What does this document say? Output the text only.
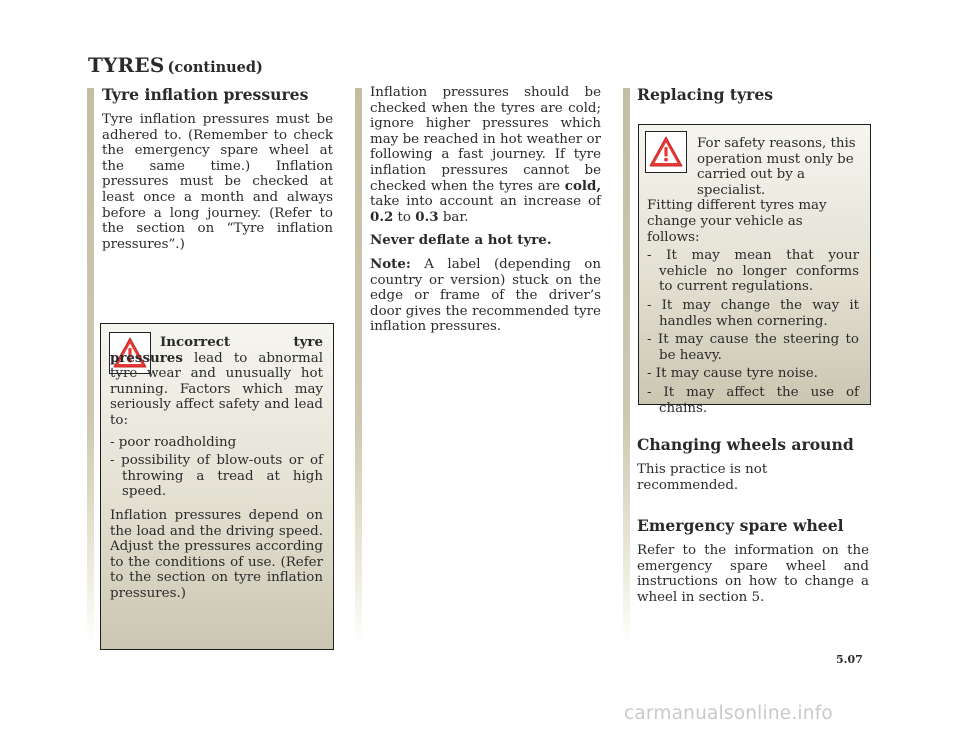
TYRES (continued)
Tyre inflation pressures

Tyre inflation pressures must be adhered to. (Remember to check the emergency spare wheel at the same time.) Inflation pressures must be checked at least once a month and always before a long journey. (Refer to the section on “Tyre inflation pressures”.)

Incorrect tyre pressures lead to abnormal tyre wear and unusually hot running. Factors which may seriously affect safety and lead to:

- poor roadholding
- possibility of blow-outs or of throwing a tread at high speed.

Inflation pressures depend on the load and the driving speed. Adjust the pressures according to the conditions of use. (Refer to the section on tyre inflation pressures.)

Inflation pressures should be checked when the tyres are cold; ignore higher pressures which may be reached in hot weather or following a fast journey. If tyre inflation pressures cannot be checked when the tyres are cold, take into account an increase of 0.2 to 0.3 bar.

Never deflate a hot tyre.

Note: A label (depending on country or version) stuck on the edge or frame of the driver’s door gives the recommended tyre inflation pressures.

Replacing tyres

For safety reasons, this operation must only be carried out by a specialist.

Fitting different tyres may change your vehicle as follows:

- It may mean that your vehicle no longer conforms to current regulations.
- It may change the way it handles when cornering.
- It may cause the steering to be heavy.
- It may cause tyre noise.
- It may affect the use of chains.
Changing wheels around

This practice is not recommended.

Emergency spare wheel

Refer to the information on the emergency spare wheel and instructions on how to change a wheel in section 5.

5.07
carmanualsonline.info
